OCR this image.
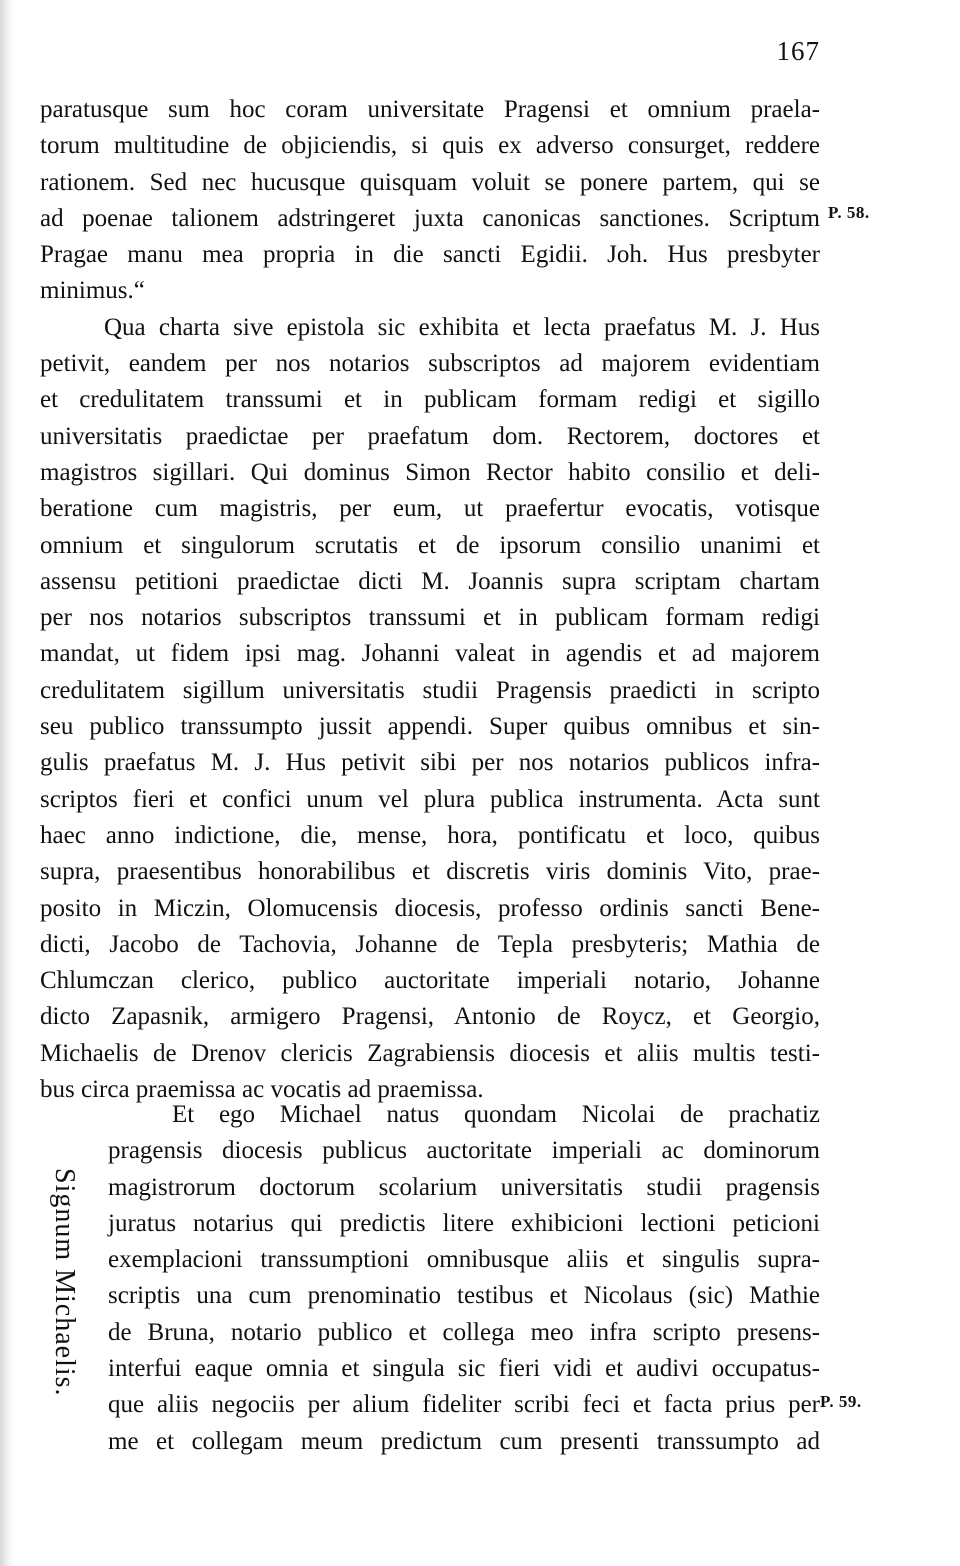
167
paratusque sum hoc coram universitate Pragensi et omnium praela-
torum multitudine de objiciendis, si quis ex adverso consurget, reddere
rationem. Sed nec hucusque quisquam voluit se ponere partem, qui se
ad poenae talionem adstringeret juxta canonicas sanctiones. Scriptum
Pragae manu mea propria in die sancti Egidii. Joh. Hus presbyter
minimus.“
Qua charta sive epistola sic exhibita et lecta praefatus M. J. Hus
petivit, eandem per nos notarios subscriptos ad majorem evidentiam
et credulitatem transsumi et in publicam formam redigi et sigillo
universitatis praedictae per praefatum dom. Rectorem, doctores et
magistros sigillari. Qui dominus Simon Rector habito consilio et deli-
beratione cum magistris, per eum, ut praefertur evocatis, votisque
omnium et singulorum scrutatis et de ipsorum consilio unanimi et
assensu petitioni praedictae dicti M. Joannis supra scriptam chartam
per nos notarios subscriptos transsumi et in publicam formam redigi
mandat, ut fidem ipsi mag. Johanni valeat in agendis et ad majorem
credulitatem sigillum universitatis studii Pragensis praedicti in scripto
seu publico transsumpto jussit appendi. Super quibus omnibus et sin-
gulis praefatus M. J. Hus petivit sibi per nos notarios publicos infra-
scriptos fieri et confici unum vel plura publica instrumenta. Acta sunt
haec anno indictione, die, mense, hora, pontificatu et loco, quibus
supra, praesentibus honorabilibus et discretis viris dominis Vito, prae-
posito in Miczin, Olomucensis diocesis, professo ordinis sancti Bene-
dicti, Jacobo de Tachovia, Johanne de Tepla presbyteris; Mathia de
Chlumczan clerico, publico auctoritate imperiali notario, Johanne
dicto Zapasnik, armigero Pragensi, Antonio de Roycz, et Georgio,
Michaelis de Drenov clericis Zagrabiensis diocesis et aliis multis testi-
bus circa praemissa ac vocatis ad praemissa.
Et ego Michael natus quondam Nicolai de prachatiz
pragensis diocesis publicus auctoritate imperiali ac dominorum
magistrorum doctorum scolarium universitatis studii pragensis
juratus notarius qui predictis litere exhibicioni lectioni peticioni
exemplacioni transsumptioni omnibusque aliis et singulis supra-
scriptis una cum prenominatio testibus et Nicolaus (sic) Mathie
de Bruna, notario publico et collega meo infra scripto presens-
interfui eaque omnia et singula sic fieri vidi et audivi occupatus-
que aliis negociis per alium fideliter scribi feci et facta prius per
me et collegam meum predictum cum presenti transsumpto ad
P. 58.
P. 59.
Signum Michaelis.
